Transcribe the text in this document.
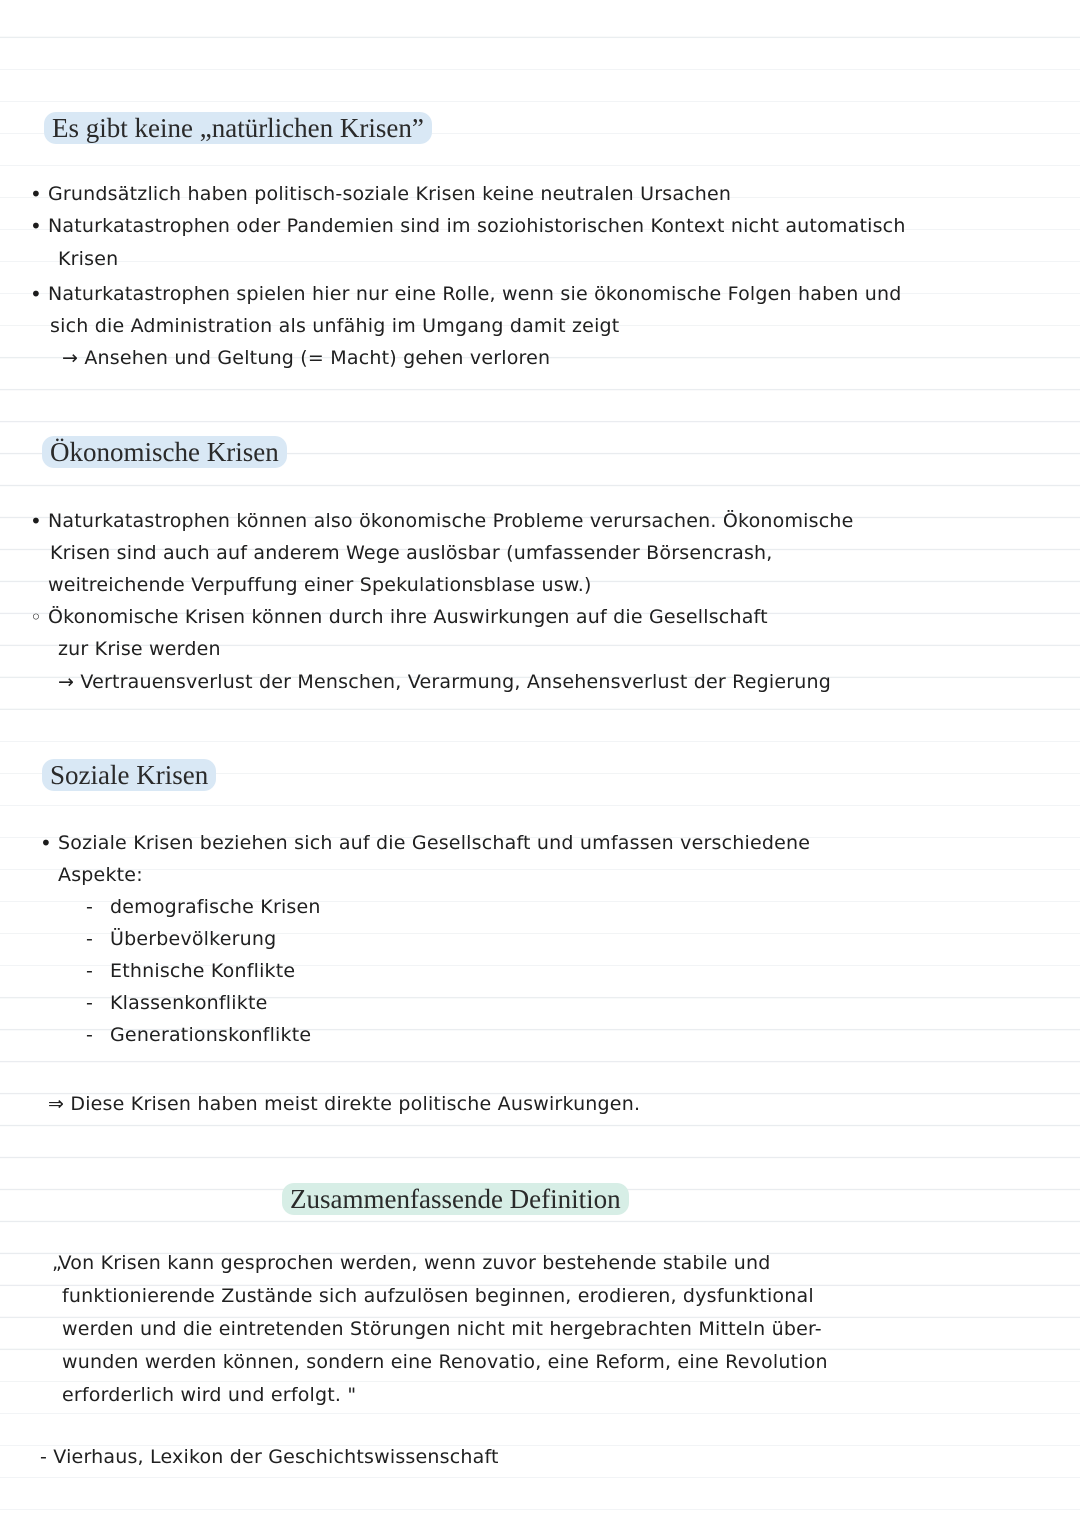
Es gibt keine „natürlichen Krisen”
• Grundsätzlich haben politisch-soziale Krisen keine neutralen Ursachen

• Naturkatastrophen oder Pandemien sind im soziohistorischen Kontext nicht automatisch

Krisen

• Naturkatastrophen spielen hier nur eine Rolle, wenn sie ökonomische Folgen haben und

sich die Administration als unfähig im Umgang damit zeigt

→ Ansehen und Geltung (= Macht) gehen verloren

Ökonomische Krisen
• Naturkatastrophen können also ökonomische Probleme verursachen. Ökonomische

Krisen sind auch auf anderem Wege auslösbar (umfassender Börsencrash,

weitreichende Verpuffung einer Spekulationsblase usw.)

◦ Ökonomische Krisen können durch ihre Auswirkungen auf die Gesellschaft

zur Krise werden

→ Vertrauensverlust der Menschen, Verarmung, Ansehensverlust der Regierung

Soziale Krisen
• Soziale Krisen beziehen sich auf die Gesellschaft und umfassen verschiedene

Aspekte:

- demografische Krisen

- Überbevölkerung

- Ethnische Konflikte

- Klassenkonflikte

- Generationskonflikte

⇒ Diese Krisen haben meist direkte politische Auswirkungen.

Zusammenfassende Definition

„Von Krisen kann gesprochen werden, wenn zuvor bestehende stabile und

funktionierende Zustände sich aufzulösen beginnen, erodieren, dysfunktional

werden und die eintretenden Störungen nicht mit hergebrachten Mitteln über-

wunden werden können, sondern eine Renovatio, eine Reform, eine Revolution

erforderlich wird und erfolgt. "

- Vierhaus, Lexikon der Geschichtswissenschaft
